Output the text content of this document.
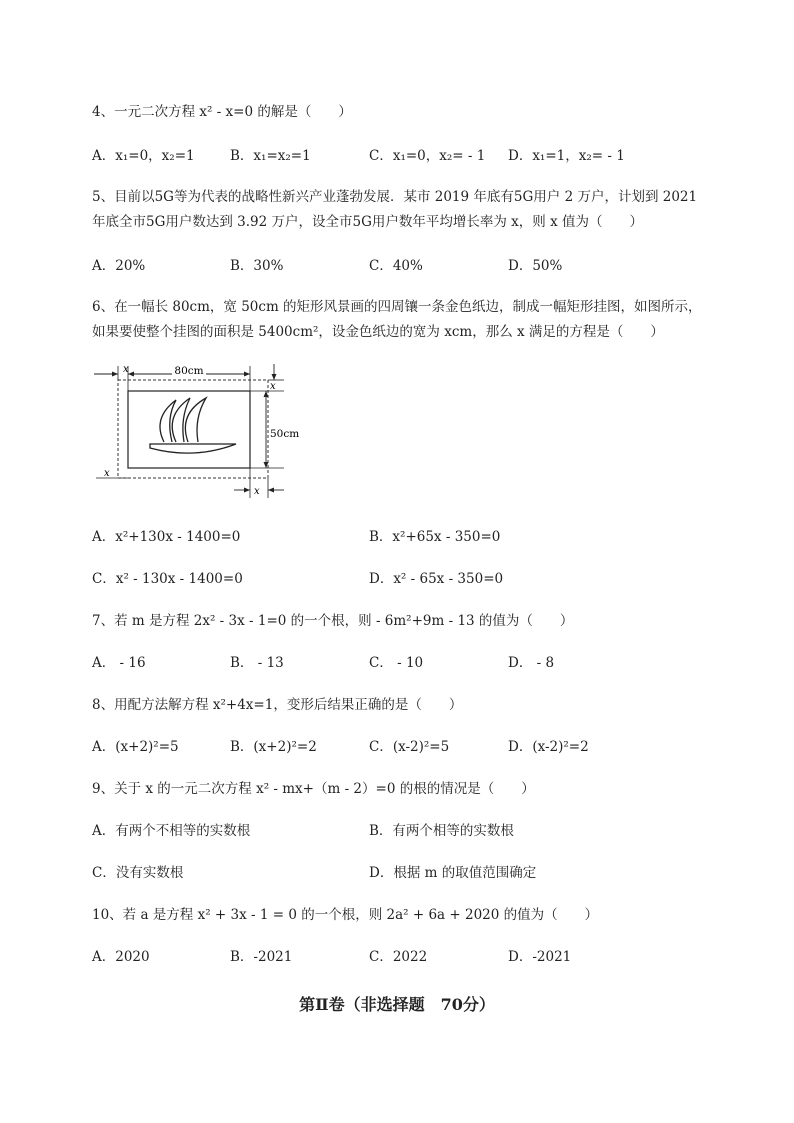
4、一元二次方程 x² - x=0 的解是（　　）
A．x₁=0，x₂=1	B．x₁=x₂=1	C．x₁=0，x₂= - 1 D．x₁=1，x₂= - 1
5、目前以5G等为代表的战略性新兴产业蓬勃发展．某市 2019 年底有5G用户 2 万户，计划到 2021
年底全市5G用户数达到 3.92 万户，设全市5G用户数年平均增长率为 x，则 x 值为（　　）
A．20%	B．30%	C．40%	D．50%
6、在一幅长 80cm，宽 50cm 的矩形风景画的四周镶一条金色纸边，制成一幅矩形挂图，如图所示，
如果要使整个挂图的面积是 5400cm²，设金色纸边的宽为 xcm，那么 x 满足的方程是（　　）
80cm
x
50cm
x
x
x
A．x²+130x - 1400=0	B．x²+65x - 350=0
C．x² - 130x - 1400=0	D．x² - 65x - 350=0
7、若 m 是方程 2x² - 3x - 1=0 的一个根，则 - 6m²+9m - 13 的值为（　　）
A． - 16	B． - 13	C． - 10	D． - 8
8、用配方法解方程 x²+4x=1，变形后结果正确的是（　　）
A．(x+2)²=5	B．(x+2)²=2	C．(x-2)²=5	D．(x-2)²=2
9、关于 x 的一元二次方程 x² - mx+（m - 2）=0 的根的情况是（　　）
A．有两个不相等的实数根	B．有两个相等的实数根
C．没有实数根	D．根据 m 的取值范围确定
10、若 a 是方程 x² + 3x - 1 = 0 的一个根，则 2a² + 6a + 2020 的值为（　　）
A．2020	B．-2021	C．2022	D．-2021
第Ⅱ卷（非选择题　70分）
